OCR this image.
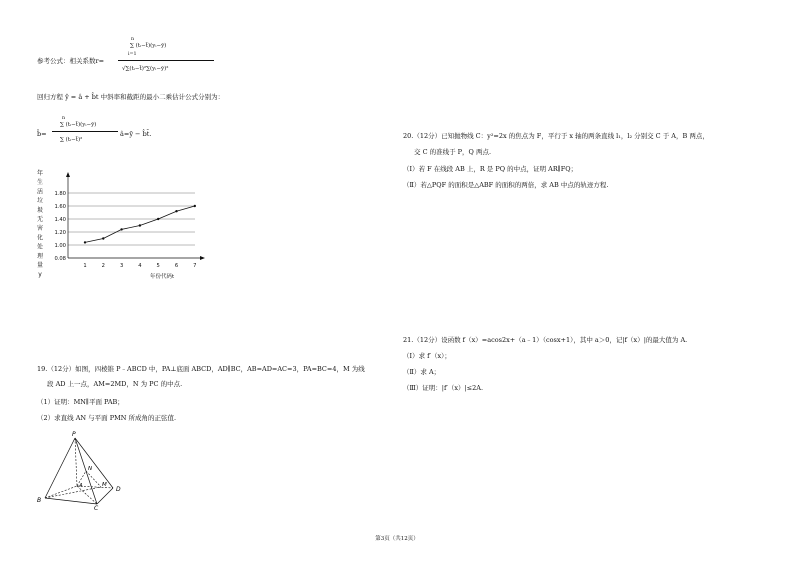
n
∑ (tᵢ−t̄)(yᵢ−ȳ)
i=1
参考公式：相关系数r=
√∑(tᵢ−t̄)²∑(yᵢ−ȳ)²
回归方程 ŷ = â + b̂t 中斜率和截距的最小二乘估计公式分别为：
n
∑ (tᵢ−t̄)(yᵢ−ȳ)
b̂=
∑ (tᵢ−t̄)²
â=ȳ − b̂t̄.
年
生
活
垃
圾
无
害
化
处
理
量
y
0.08
1.00
1.20
1.40
1.60
1.80
1	2	3	4	5	6	7
年份代码t
19.（12分）如图，四棱锥 P﹣ABCD 中，PA⊥底面 ABCD，AD∥BC，AB=AD=AC=3，PA=BC=4，M 为线
段 AD 上一点，AM=2MD，N 为 PC 的中点.
（1）证明：MN∥平面 PAB；
（2）求直线 AN 与平面 PMN 所成角的正弦值.
P
B
C
D
A	M
N
20.（12分）已知抛物线 C：y²=2x 的焦点为 F，平行于 x 轴的两条直线 l₁，l₂ 分别交 C 于 A，B 两点，
交 C 的准线于 P，Q 两点.
（Ⅰ）若 F 在线段 AB 上，R 是 PQ 的中点，证明 AR∥FQ；
（Ⅱ）若△PQF 的面积是△ABF 的面积的两倍，求 AB 中点的轨迹方程.
21.（12分）设函数 f（x）=acos2x+（a﹣1）（cosx+1），其中 a＞0，记|f（x）|的最大值为 A.
（Ⅰ）求 f′（x）；
（Ⅱ）求 A；
（Ⅲ）证明：|f′（x）|≤2A.
第3页（共12页）
